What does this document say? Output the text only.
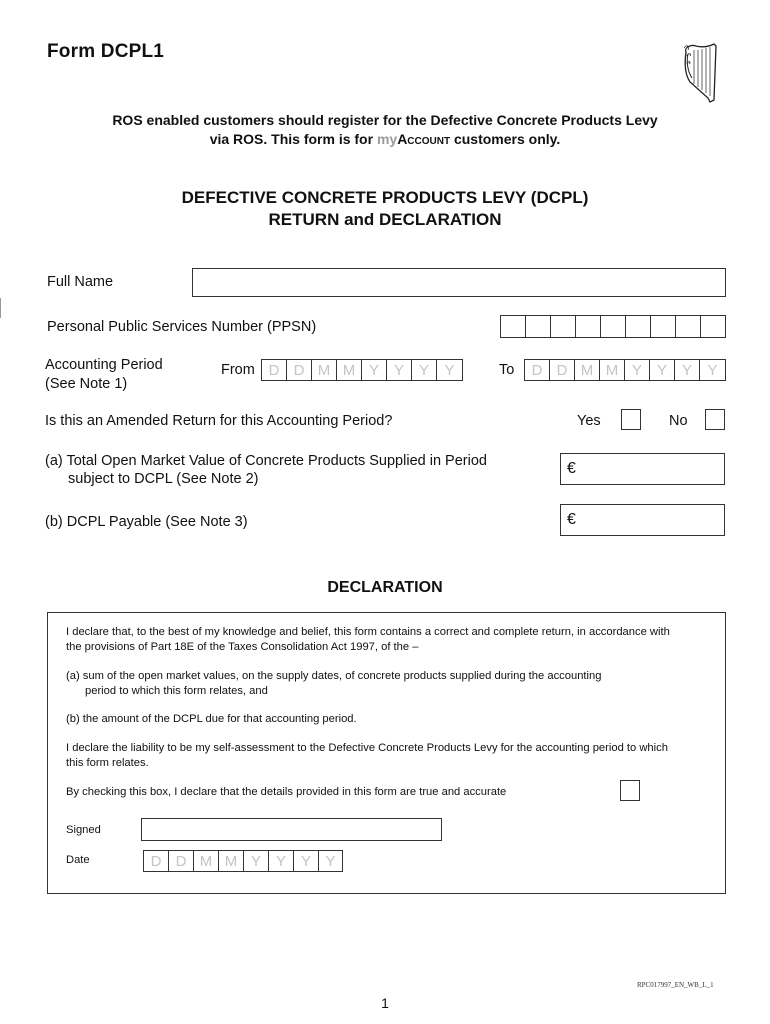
Form DCPL1
ROS enabled customers should register for the Defective Concrete Products Levy
via ROS. This form is for myAccount customers only.
DEFECTIVE CONCRETE PRODUCTS LEVY (DCPL)
RETURN and DECLARATION
Full Name
Personal Public Services Number (PPSN)
Accounting Period
(See Note 1)
From D D M M Y Y Y	Y	To	D D M M Y Y Y	Y
Is this an Amended Return for this Accounting Period?	Yes	No
(a) Total Open Market Value of Concrete Products Supplied in Period
subject to DCPL (See Note 2)
€
(b) DCPL Payable (See Note 3)	€
DECLARATION
I declare that, to the best of my knowledge and belief, this form contains a correct and complete return, in accordance with the provisions of Part 18E of the Taxes Consolidation Act 1997, of the –
(a) sum of the open market values, on the supply dates, of concrete products supplied during the accounting
period to which this form relates, and
(b) the amount of the DCPL due for that accounting period.
I declare the liability to be my self-assessment to the Defective Concrete Products Levy for the accounting period to which this form relates.
By checking this box, I declare that the details provided in this form are true and accurate
Signed
Date	D D M M Y Y Y Y
RPC017997_EN_WB_L_1
1
